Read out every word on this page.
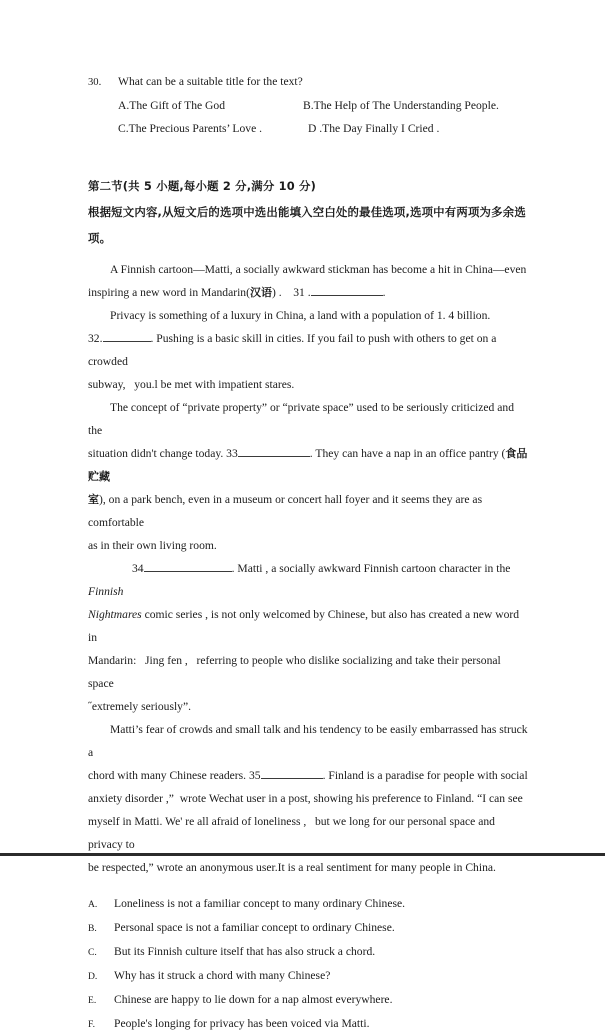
30.	What can be a suitable title for the text?
A.The Gift of The God	B.The Help of The Understanding People.
C.The Precious Parents’ Love .	D .The Day Finally I Cried .
第二节(共 5 小题,每小题 2 分,满分 10 分)
根据短文内容,从短文后的选项中选出能填入空白处的最佳选项,选项中有两项为多余选
项。
A Finnish cartoon—Matti, a socially awkward stickman has become a hit in China—even
inspiring a new word in Mandarin(汉语) .    31 .	.
Privacy is something of a luxury in China, a land with a population of 1. 4 billion.
32.	. Pushing is a basic skill in cities. If you fail to push with others to get on a crowded
subway,   you.l be met with impatient stares.
The concept of “private property” or “private space” used to be seriously criticized and the
situation didn't change today. 33	. They can have a nap in an office pantry (食品贮藏
室), on a park bench, even in a museum or concert hall foyer and it seems they are as comfortable
as in their own living room.
34	. Matti , a socially awkward Finnish cartoon character in the Finnish
Nightmares comic series , is not only welcomed by Chinese, but also has created a new word in
Mandarin:   Jing fen ,   referring to people who dislike socializing and take their personal space
˝extremely seriously”.
Matti’s fear of crowds and small talk and his tendency to be easily embarrassed has struck a
chord with many Chinese readers. 35	. Finland is a paradise for people with social
anxiety disorder ,”  wrote Wechat user in a post, showing his preference to Finland. “I can see
myself in Matti. We' re all afraid of loneliness ,   but we long for our personal space and privacy to
be respected,” wrote an anonymous user.It is a real sentiment for many people in China.
A.	Loneliness is not a familiar concept to many ordinary Chinese.
B.	Personal space is not a familiar concept to ordinary Chinese.
C.	But its Finnish culture itself that has also struck a chord.
D.	Why has it struck a chord with many Chinese?
E.	Chinese are happy to lie down for a nap almost everywhere.
F.	People's longing for privacy has been voiced via Matti.
